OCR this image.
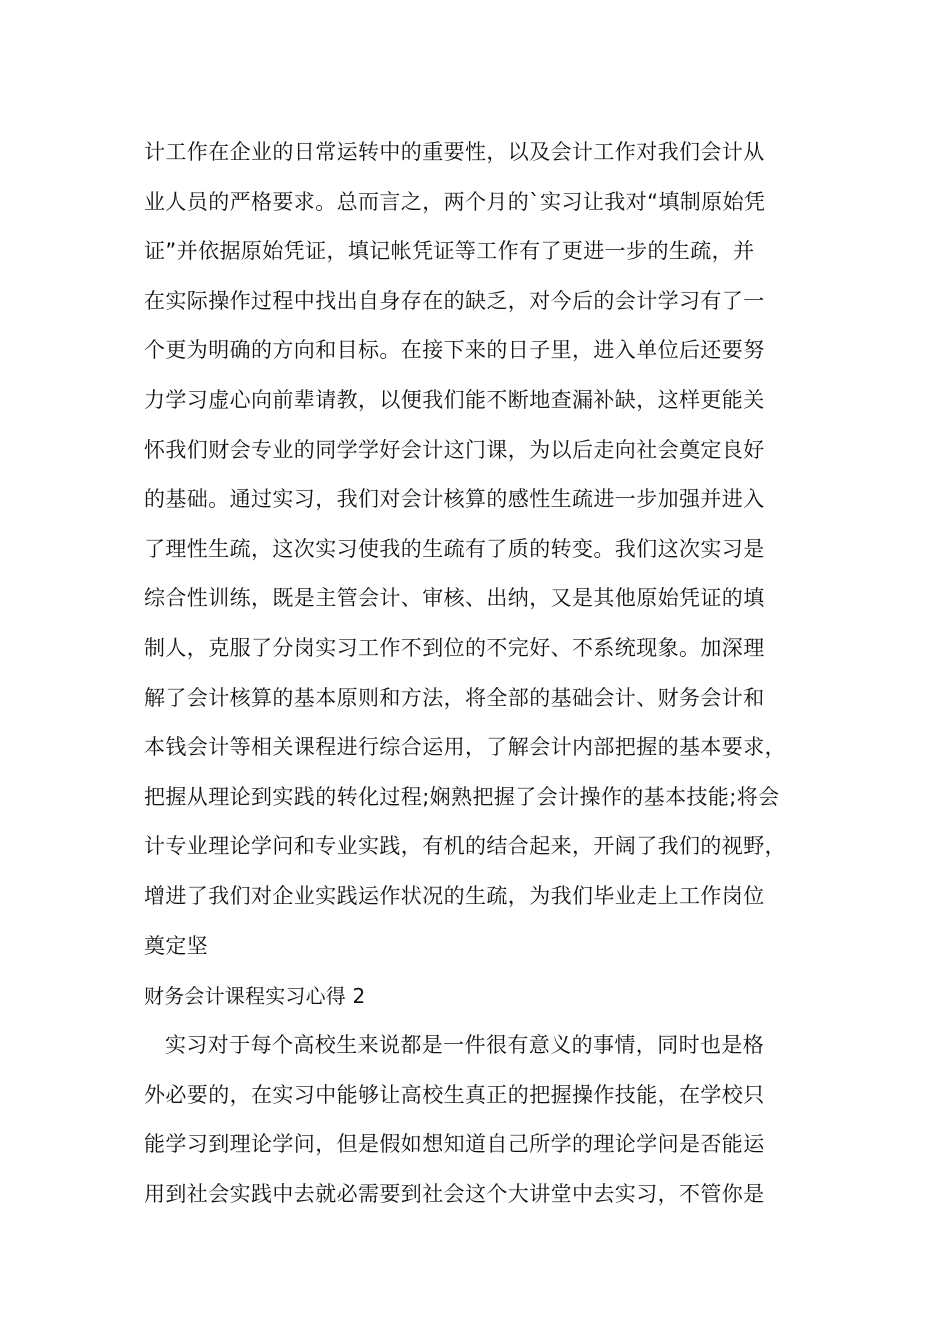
计工作在企业的日常运转中的重要性，以及会计工作对我们会计从
业人员的严格要求。总而言之，两个月的`实习让我对“填制原始凭
证”并依据原始凭证，填记帐凭证等工作有了更进一步的生疏，并
在实际操作过程中找出自身存在的缺乏，对今后的会计学习有了一
个更为明确的方向和目标。在接下来的日子里，进入单位后还要努
力学习虚心向前辈请教，以便我们能不断地查漏补缺，这样更能关
怀我们财会专业的同学学好会计这门课，为以后走向社会奠定良好
的基础。通过实习，我们对会计核算的感性生疏进一步加强并进入
了理性生疏，这次实习使我的生疏有了质的转变。我们这次实习是
综合性训练，既是主管会计、审核、出纳，又是其他原始凭证的填
制人，克服了分岗实习工作不到位的不完好、不系统现象。加深理
解了会计核算的基本原则和方法，将全部的基础会计、财务会计和
本钱会计等相关课程进行综合运用，了解会计内部把握的基本要求，
把握从理论到实践的转化过程;娴熟把握了会计操作的基本技能;将会
计专业理论学问和专业实践，有机的结合起来，开阔了我们的视野，
增进了我们对企业实践运作状况的生疏，为我们毕业走上工作岗位
奠定坚
财务会计课程实习心得 2
实习对于每个高校生来说都是一件很有意义的事情，同时也是格
外必要的，在实习中能够让高校生真正的把握操作技能，在学校只
能学习到理论学问，但是假如想知道自己所学的理论学问是否能运
用到社会实践中去就必需要到社会这个大讲堂中去实习，不管你是
